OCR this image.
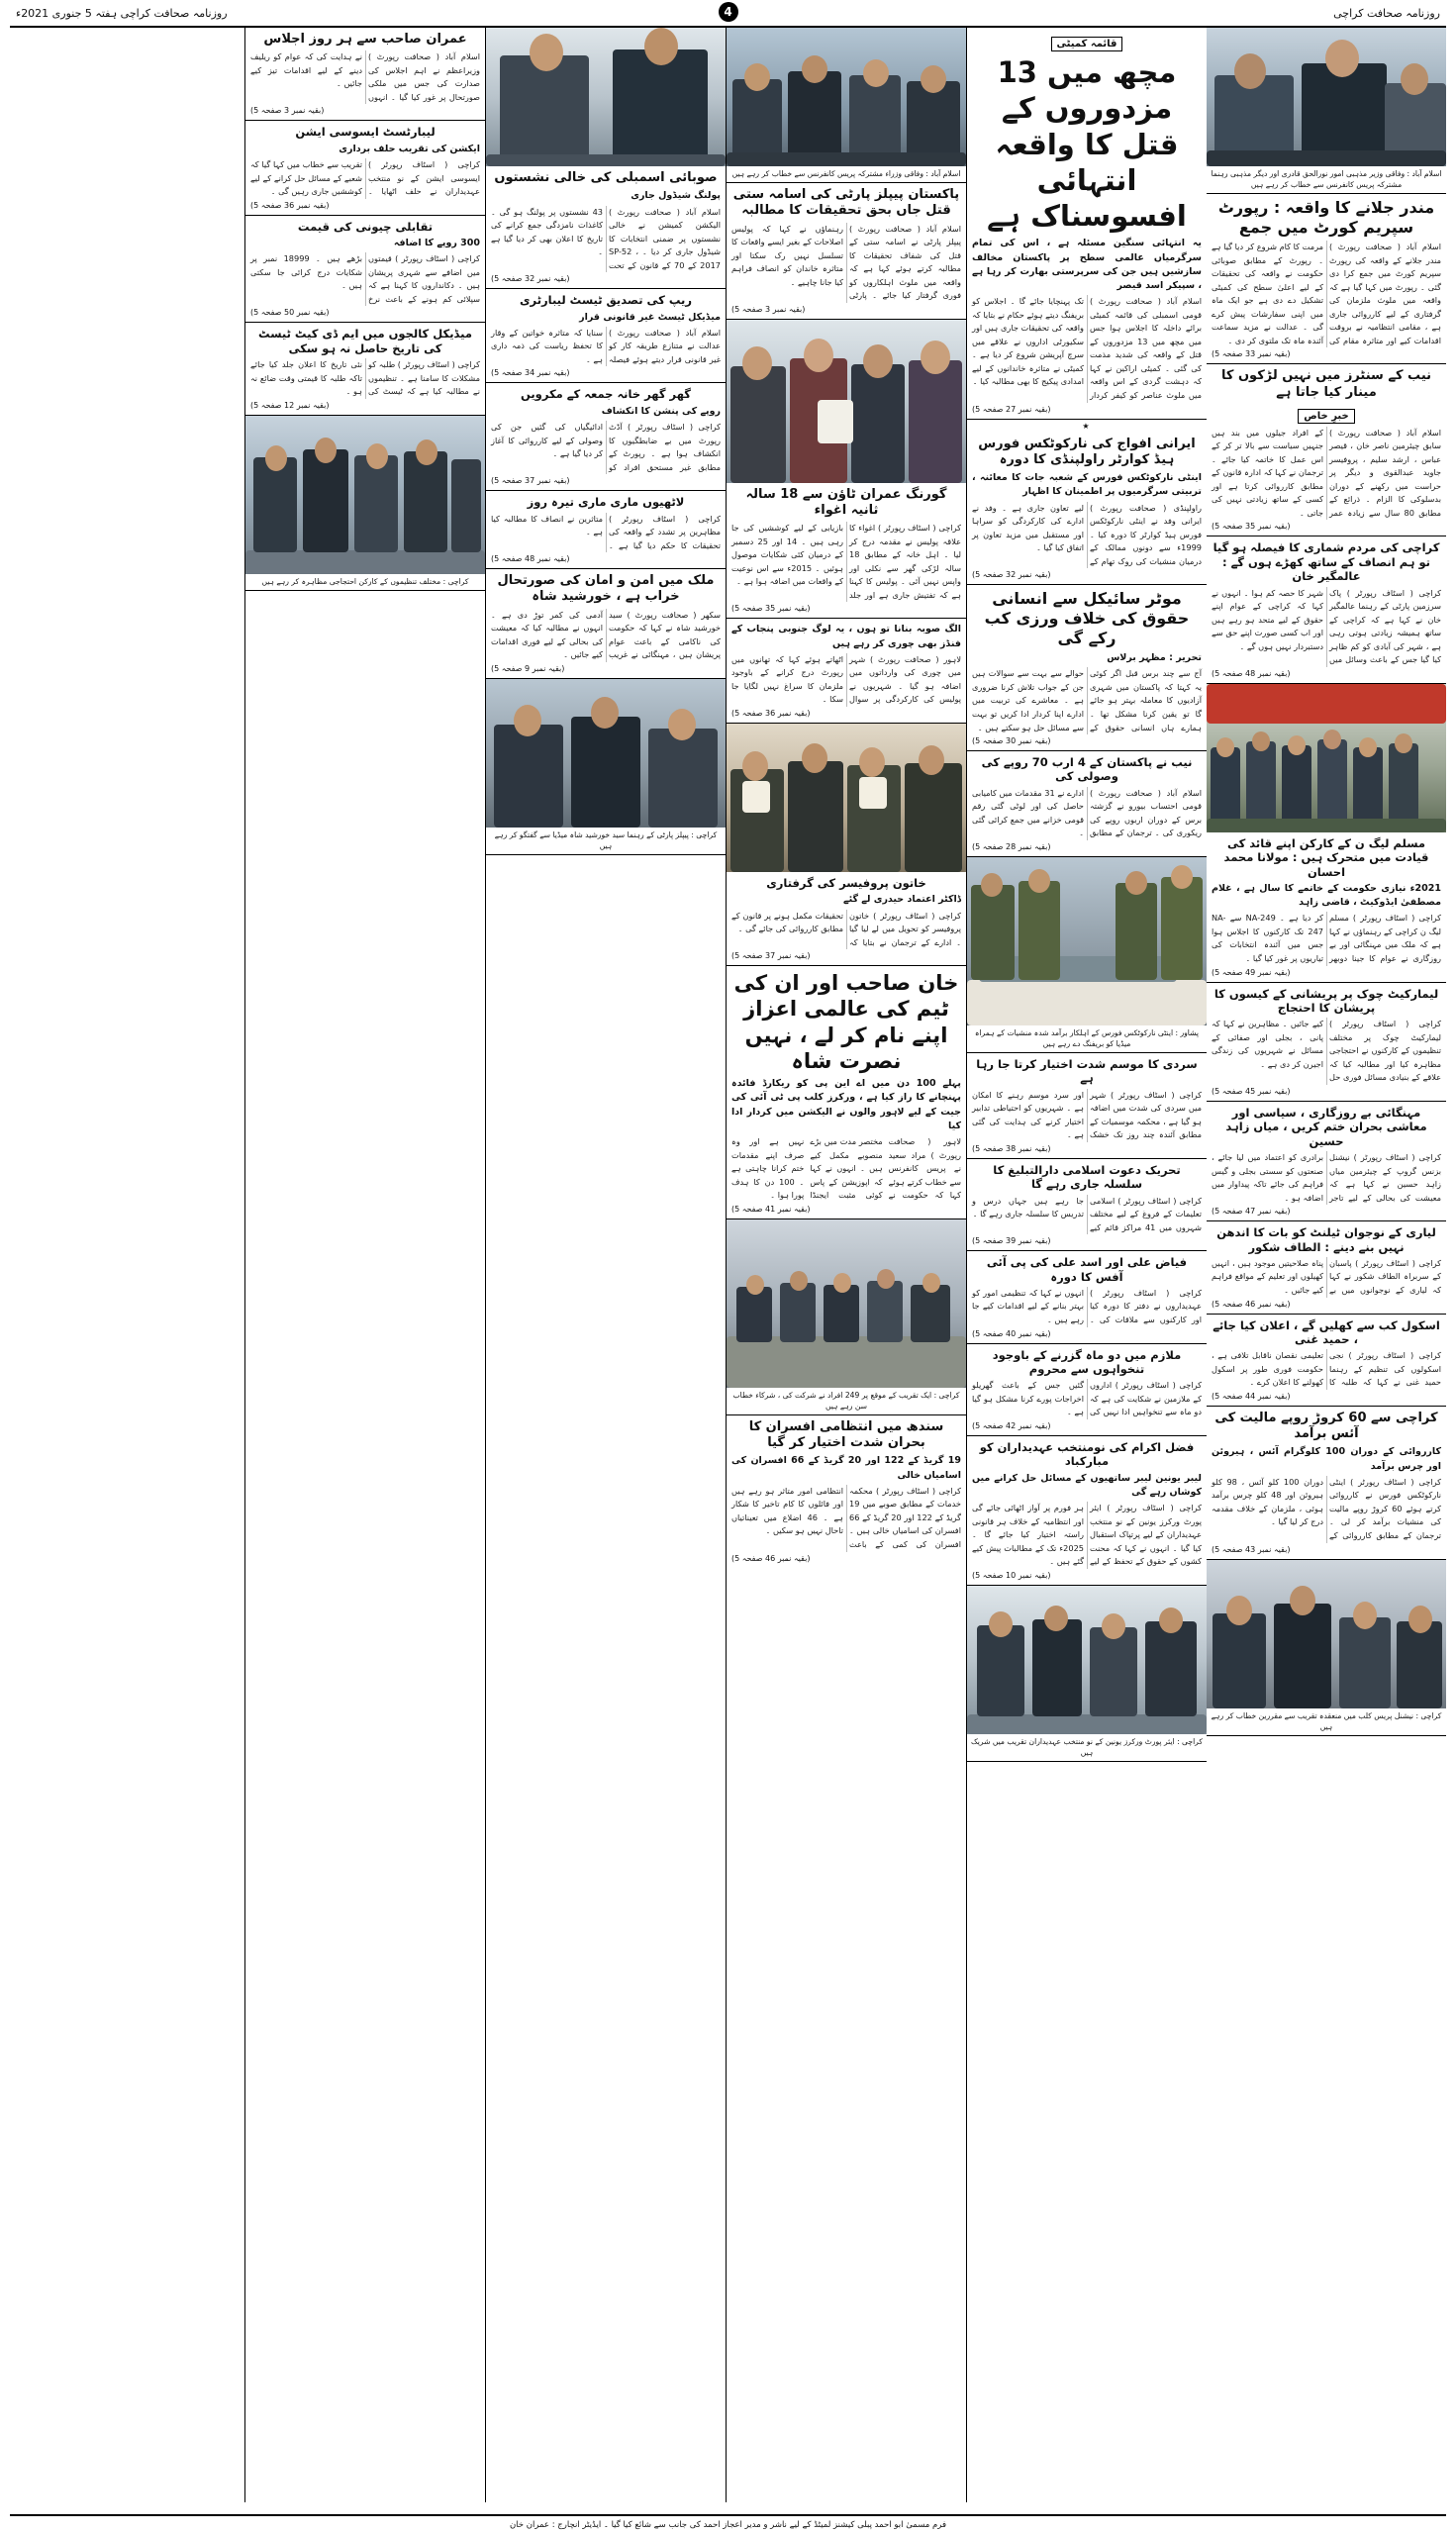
روزنامہ صحافت کراچی
4
روزنامہ صحافت کراچی ہفتہ 5 جنوری 2021ء
اسلام آباد : وفاقی وزیر مذہبی امور نورالحق قادری اور دیگر مذہبی رہنما مشترکہ پریس کانفرنس سے خطاب کر رہے ہیں
مندر جلانے کا واقعہ : رپورٹ سپریم کورٹ میں جمع
اسلام آباد ( صحافت رپورٹ ) مندر جلانے کے واقعہ کی رپورٹ سپریم کورٹ میں جمع کرا دی گئی ۔ رپورٹ میں کہا گیا ہے کہ واقعہ میں ملوث ملزمان کی گرفتاری کے لیے کارروائی جاری ہے ، مقامی انتظامیہ نے بروقت اقدامات کیے اور متاثرہ مقام کی مرمت کا کام شروع کر دیا گیا ہے ۔ رپورٹ کے مطابق صوبائی حکومت نے واقعہ کی تحقیقات کے لیے اعلیٰ سطح کی کمیٹی تشکیل دے دی ہے جو ایک ماہ میں اپنی سفارشات پیش کرے گی ۔ عدالت نے مزید سماعت آئندہ ماہ تک ملتوی کر دی ۔
(بقیہ نمبر 33 صفحہ 5)
نیب کے سنٹرز میں نہیں لڑکوں کا مینار کیا جاتا ہے
خبرِ خاص
اسلام آباد ( صحافت رپورٹ ) سابق چیئرمین ناصر خان ، قیصر عباس ، ارشد سلیم ، پروفیسر جاوید عبدالقوی و دیگر پر حراست میں رکھنے کے دوران بدسلوکی کا الزام ۔ ذرائع کے مطابق 80 سال سے زیادہ عمر کے افراد جیلوں میں بند ہیں جنہیں سیاست سے بالا تر کر کے اس عمل کا خاتمہ کیا جائے ۔ ترجمان نے کہا کہ ادارہ قانون کے مطابق کارروائی کرتا ہے اور کسی کے ساتھ زیادتی نہیں کی جاتی ۔
(بقیہ نمبر 35 صفحہ 5)
کراچی کی مردم شماری کا فیصلہ ہو گیا تو ہم انصاف کے ساتھ کھڑے ہوں گے : عالمگیر خان
کراچی ( اسٹاف رپورٹر ) پاک سرزمین پارٹی کے رہنما عالمگیر خان نے کہا ہے کہ کراچی کے ساتھ ہمیشہ زیادتی ہوتی رہی ہے ، شہر کی آبادی کو کم ظاہر کیا گیا جس کے باعث وسائل میں شہر کا حصہ کم ہوا ۔ انہوں نے کہا کہ کراچی کے عوام اپنے حقوق کے لیے متحد ہو رہے ہیں اور اب کسی صورت اپنے حق سے دستبردار نہیں ہوں گے ۔
(بقیہ نمبر 48 صفحہ 5)
مسلم لیگ ن کے کارکن اپنے قائد کی قیادت میں متحرک ہیں : مولانا محمد احسان
2021ء نیازی حکومت کے خاتمے کا سال ہے ، غلام مصطفیٰ ایڈوکیٹ ، قاضی زاہد
کراچی ( اسٹاف رپورٹر ) مسلم لیگ ن کراچی کے رہنماؤں نے کہا ہے کہ ملک میں مہنگائی اور بے روزگاری نے عوام کا جینا دوبھر کر دیا ہے ۔ NA-249 سے NA-247 تک کارکنوں کا اجلاس ہوا جس میں آئندہ انتخابات کی تیاریوں پر غور کیا گیا ۔
(بقیہ نمبر 49 صفحہ 5)
لیمارکیٹ چوک پر پریشانی کے کیسوں کا پریشان کا احتجاج
کراچی ( اسٹاف رپورٹر ) لیمارکیٹ چوک پر مختلف تنظیموں کے کارکنوں نے احتجاجی مظاہرہ کیا اور مطالبہ کیا کہ علاقے کے بنیادی مسائل فوری حل کیے جائیں ۔ مظاہرین نے کہا کہ پانی ، بجلی اور صفائی کے مسائل نے شہریوں کی زندگی اجیرن کر دی ہے ۔
(بقیہ نمبر 45 صفحہ 5)
مہنگائی بے روزگاری ، سیاسی اور معاشی بحران ختم کریں ، میاں زاہد حسین
کراچی ( اسٹاف رپورٹر ) نیشنل بزنس گروپ کے چیئرمین میاں زاہد حسین نے کہا ہے کہ معیشت کی بحالی کے لیے تاجر برادری کو اعتماد میں لیا جائے ، صنعتوں کو سستی بجلی و گیس فراہم کی جائے تاکہ پیداوار میں اضافہ ہو ۔
(بقیہ نمبر 47 صفحہ 5)
لیاری کے نوجوان ٹیلنٹ کو بات کا اندھن نہیں بنے دینے : الطاف شکور
کراچی ( اسٹاف رپورٹر ) پاسبان کے سربراہ الطاف شکور نے کہا کہ لیاری کے نوجوانوں میں بے پناہ صلاحیتیں موجود ہیں ، انہیں کھیلوں اور تعلیم کے مواقع فراہم کیے جائیں ۔
(بقیہ نمبر 46 صفحہ 5)
اسکول کب سے کھلیں گے ، اعلان کیا جائے ، حمید غنی
کراچی ( اسٹاف رپورٹر ) نجی اسکولوں کی تنظیم کے رہنما حمید غنی نے کہا کہ طلبہ کا تعلیمی نقصان ناقابل تلافی ہے ، حکومت فوری طور پر اسکول کھولنے کا اعلان کرے ۔
(بقیہ نمبر 44 صفحہ 5)
کراچی سے 60 کروڑ روپے مالیت کی آئس برآمد
کارروائی کے دوران 100 کلوگرام آئس ، ہیروئن اور چرس برآمد
کراچی ( اسٹاف رپورٹر ) اینٹی نارکوٹکس فورس نے کارروائی کرتے ہوئے 60 کروڑ روپے مالیت کی منشیات برآمد کر لی ۔ ترجمان کے مطابق کارروائی کے دوران 100 کلو آئس ، 98 کلو ہیروئن اور 48 کلو چرس برآمد ہوئی ، ملزمان کے خلاف مقدمہ درج کر لیا گیا ۔
(بقیہ نمبر 43 صفحہ 5)
کراچی : نیشنل پریس کلب میں منعقدہ تقریب سے مقررین خطاب کر رہے ہیں
قائمہ کمیٹی
مچھ میں 13 مزدوروں کے قتل کا واقعہ انتہائی افسوسناک ہے
یہ انتہائی سنگین مسئلہ ہے ، اس کی تمام سرگرمیاں عالمی سطح پر پاکستان مخالف سازشیں ہیں جن کی سرپرستی بھارت کر رہا ہے ، سپیکر اسد قیصر
اسلام آباد ( صحافت رپورٹ ) قومی اسمبلی کی قائمہ کمیٹی برائے داخلہ کا اجلاس ہوا جس میں مچھ میں 13 مزدوروں کے قتل کے واقعہ کی شدید مذمت کی گئی ۔ کمیٹی اراکین نے کہا کہ دہشت گردی کے اس واقعہ میں ملوث عناصر کو کیفر کردار تک پہنچایا جائے گا ۔ اجلاس کو بریفنگ دیتے ہوئے حکام نے بتایا کہ واقعہ کی تحقیقات جاری ہیں اور سکیورٹی اداروں نے علاقے میں سرچ آپریشن شروع کر دیا ہے ۔ کمیٹی نے متاثرہ خاندانوں کے لیے امدادی پیکیج کا بھی مطالبہ کیا ۔
(بقیہ نمبر 27 صفحہ 5)
★
ایرانی افواج کی نارکوٹکس فورس ہیڈ کوارٹر راولپنڈی کا دورہ
اینٹی نارکوٹکس فورس کے شعبہ جات کا معائنہ ، تربیتی سرگرمیوں پر اطمینان کا اظہار
راولپنڈی ( صحافت رپورٹ ) ایرانی وفد نے اینٹی نارکوٹکس فورس ہیڈ کوارٹر کا دورہ کیا ۔ 1999ء سے دونوں ممالک کے درمیان منشیات کی روک تھام کے لیے تعاون جاری ہے ۔ وفد نے ادارے کی کارکردگی کو سراہا اور مستقبل میں مزید تعاون پر اتفاق کیا گیا ۔
(بقیہ نمبر 32 صفحہ 5)
موٹر سائیکل سے انسانی حقوق کی خلاف ورزی کب رکے گی
تحریر : مظہر برلاس
آج سے چند برس قبل اگر کوئی یہ کہتا کہ پاکستان میں شہری آزادیوں کا معاملہ بہتر ہو جائے گا تو یقین کرنا مشکل تھا ۔ ہمارے ہاں انسانی حقوق کے حوالے سے بہت سے سوالات ہیں جن کے جواب تلاش کرنا ضروری ہے ۔ معاشرے کی تربیت میں ادارے اپنا کردار ادا کریں تو بہت سے مسائل حل ہو سکتے ہیں ۔
(بقیہ نمبر 30 صفحہ 5)
نیب نے پاکستان کے 4 ارب 70 روپے کی وصولی کی
اسلام آباد ( صحافت رپورٹ ) قومی احتساب بیورو نے گزشتہ برس کے دوران اربوں روپے کی ریکوری کی ۔ ترجمان کے مطابق ادارے نے 31 مقدمات میں کامیابی حاصل کی اور لوٹی گئی رقم قومی خزانے میں جمع کرائی گئی ۔
(بقیہ نمبر 28 صفحہ 5)
پشاور : اینٹی نارکوٹکس فورس کے اہلکار برآمد شدہ منشیات کے ہمراہ میڈیا کو بریفنگ دے رہے ہیں
سردی کا موسم شدت اختیار کرتا جا رہا ہے
کراچی ( اسٹاف رپورٹر ) شہر میں سردی کی شدت میں اضافہ ہو گیا ہے ، محکمہ موسمیات کے مطابق آئندہ چند روز تک خشک اور سرد موسم رہنے کا امکان ہے ۔ شہریوں کو احتیاطی تدابیر اختیار کرنے کی ہدایت کی گئی ہے ۔
(بقیہ نمبر 38 صفحہ 5)
تحریک دعوت اسلامی دارالتبلیغ کا سلسلہ جاری رہے گا
کراچی ( اسٹاف رپورٹر ) اسلامی تعلیمات کے فروغ کے لیے مختلف شہروں میں 41 مراکز قائم کیے جا رہے ہیں جہاں درس و تدریس کا سلسلہ جاری رہے گا ۔
(بقیہ نمبر 39 صفحہ 5)
فیاض علی اور اسد علی کی پی آئی آفس کا دورہ
کراچی ( اسٹاف رپورٹر ) عہدیداروں نے دفتر کا دورہ کیا اور کارکنوں سے ملاقات کی ۔ انہوں نے کہا کہ تنظیمی امور کو بہتر بنانے کے لیے اقدامات کیے جا رہے ہیں ۔
(بقیہ نمبر 40 صفحہ 5)
ملازم میں دو ماہ گزرنے کے باوجود تنخواہوں سے محروم
کراچی ( اسٹاف رپورٹر ) اداروں کے ملازمین نے شکایت کی ہے کہ دو ماہ سے تنخواہیں ادا نہیں کی گئیں جس کے باعث گھریلو اخراجات پورے کرنا مشکل ہو گیا ہے ۔
(بقیہ نمبر 42 صفحہ 5)
فضل اکرام کی نومنتخب عہدیداران کو مبارکباد
لیبر یونین لیبر ساتھیوں کے مسائل حل کرانے میں کوشاں رہے گی
کراچی ( اسٹاف رپورٹر ) ایئر پورٹ ورکرز یونین کے نو منتخب عہدیداران کے لیے پرتپاک استقبال کیا گیا ۔ انہوں نے کہا کہ محنت کشوں کے حقوق کے تحفظ کے لیے ہر فورم پر آواز اٹھائی جائے گی اور انتظامیہ کے خلاف ہر قانونی راستہ اختیار کیا جائے گا ۔ 2025ء تک کے مطالبات پیش کیے گئے ہیں ۔
(بقیہ نمبر 10 صفحہ 5)
کراچی : ایئر پورٹ ورکرز یونین کے نو منتخب عہدیداران تقریب میں شریک ہیں
اسلام آباد : وفاقی وزراء مشترکہ پریس کانفرنس سے خطاب کر رہے ہیں
پاکستان پیپلز پارٹی کی اسامہ ستی قتل جاں بحق تحقیقات کا مطالبہ
اسلام آباد ( صحافت رپورٹ ) پیپلز پارٹی نے اسامہ ستی کے قتل کی شفاف تحقیقات کا مطالبہ کرتے ہوئے کہا ہے کہ واقعہ میں ملوث اہلکاروں کو فوری گرفتار کیا جائے ۔ پارٹی رہنماؤں نے کہا کہ پولیس اصلاحات کے بغیر ایسے واقعات کا تسلسل نہیں رک سکتا اور متاثرہ خاندان کو انصاف فراہم کیا جانا چاہیے ۔
(بقیہ نمبر 3 صفحہ 5)
گورنگ عمران ٹاؤن سے 18 سالہ ثانیہ اغواء
کراچی ( اسٹاف رپورٹر ) اغواء کا علاقہ پولیس نے مقدمہ درج کر لیا ۔ اہل خانہ کے مطابق 18 سالہ لڑکی گھر سے نکلی اور واپس نہیں آئی ۔ پولیس کا کہنا ہے کہ تفتیش جاری ہے اور جلد بازیابی کے لیے کوششیں کی جا رہی ہیں ۔ 14 اور 25 دسمبر کے درمیان کئی شکایات موصول ہوئیں ۔ 2015ء سے اس نوعیت کے واقعات میں اضافہ ہوا ہے ۔
(بقیہ نمبر 35 صفحہ 5)
الگ صوبہ بنانا تو ہوں ، یہ لوگ جنوبی پنجاب کے فنڈز بھی چوری کر رہے ہیں
لاہور ( صحافت رپورٹ ) شہر میں چوری کی وارداتوں میں اضافہ ہو گیا ۔ شہریوں نے پولیس کی کارکردگی پر سوال اٹھاتے ہوئے کہا کہ تھانوں میں رپورٹ درج کرانے کے باوجود ملزمان کا سراغ نہیں لگایا جا سکا ۔
(بقیہ نمبر 36 صفحہ 5)
خاتون پروفیسر کی گرفتاری
ڈاکٹر اعتماد حیدری لے گئے
کراچی ( اسٹاف رپورٹر ) خاتون پروفیسر کو تحویل میں لے لیا گیا ۔ ادارے کے ترجمان نے بتایا کہ تحقیقات مکمل ہونے پر قانون کے مطابق کارروائی کی جائے گی ۔
(بقیہ نمبر 37 صفحہ 5)
خان صاحب اور ان کی ٹیم کی عالمی اعزاز اپنے نام کر لے ، نہیں نصرت شاہ
پہلے 100 دن میں اے این پی کو ریکارڈ فائدہ پہنچانے کا راز کیا ہے ، ورکرز کلب پی ٹی آئی کی جیت کے لیے لاہور والوں نے الیکشن میں کردار ادا کیا
لاہور ( صحافت رپورٹ ) مراد سعید نے پریس کانفرنس سے خطاب کرتے ہوئے کہا کہ حکومت نے مختصر مدت میں بڑے منصوبے مکمل کیے ہیں ۔ انہوں نے کہا کہ اپوزیشن کے پاس کوئی مثبت ایجنڈا نہیں ہے اور وہ صرف اپنے مقدمات ختم کرانا چاہتی ہے ۔ 100 دن کا ہدف پورا ہوا ۔
(بقیہ نمبر 41 صفحہ 5)
کراچی : ایک تقریب کے موقع پر 249 افراد نے شرکت کی ، شرکاء خطاب سن رہے ہیں
سندھ میں انتظامی افسران کا بحران شدت اختیار کر گیا
19 گریڈ کے 122 اور 20 گریڈ کے 66 افسران کی اسامیاں خالی
کراچی ( اسٹاف رپورٹر ) محکمہ خدمات کے مطابق صوبے میں 19 گریڈ کے 122 اور 20 گریڈ کے 66 افسران کی اسامیاں خالی ہیں ۔ افسران کی کمی کے باعث انتظامی امور متاثر ہو رہے ہیں اور فائلوں کا کام تاخیر کا شکار ہے ۔ 46 اضلاع میں تعیناتیاں تاحال نہیں ہو سکیں ۔
(بقیہ نمبر 46 صفحہ 5)
صوبائی اسمبلی کی خالی نشستوں
پولنگ شیڈول جاری
اسلام آباد ( صحافت رپورٹ ) الیکشن کمیشن نے خالی نشستوں پر ضمنی انتخابات کا شیڈول جاری کر دیا ۔ SP-52 ، 2017 کے 70 کے قانون کے تحت 43 نشستوں پر پولنگ ہو گی ۔ کاغذات نامزدگی جمع کرانے کی تاریخ کا اعلان بھی کر دیا گیا ہے ۔
(بقیہ نمبر 32 صفحہ 5)
ریپ کی تصدیق ٹیسٹ لیبارٹری
میڈیکل ٹیسٹ غیر قانونی قرار
اسلام آباد ( صحافت رپورٹ ) عدالت نے متنازع طریقہ کار کو غیر قانونی قرار دیتے ہوئے فیصلہ سنایا کہ متاثرہ خواتین کے وقار کا تحفظ ریاست کی ذمہ داری ہے ۔
(بقیہ نمبر 34 صفحہ 5)
گھر گھر خانہ جمعہ کے مکرویں
روپے کی پنشن کا انکشاف
کراچی ( اسٹاف رپورٹر ) آڈٹ رپورٹ میں بے ضابطگیوں کا انکشاف ہوا ہے ۔ رپورٹ کے مطابق غیر مستحق افراد کو ادائیگیاں کی گئیں جن کی وصولی کے لیے کارروائی کا آغاز کر دیا گیا ہے ۔
(بقیہ نمبر 37 صفحہ 5)
لاٹھیوں ماری ماری تیرہ روز
کراچی ( اسٹاف رپورٹر ) مظاہرین پر تشدد کے واقعہ کی تحقیقات کا حکم دیا گیا ہے ۔ متاثرین نے انصاف کا مطالبہ کیا ہے ۔
(بقیہ نمبر 48 صفحہ 5)
ملک میں امن و امان کی صورتحال خراب ہے ، خورشید شاہ
سکھر ( صحافت رپورٹ ) سید خورشید شاہ نے کہا کہ حکومت کی ناکامی کے باعث عوام پریشان ہیں ، مہنگائی نے غریب آدمی کی کمر توڑ دی ہے ۔ انہوں نے مطالبہ کیا کہ معیشت کی بحالی کے لیے فوری اقدامات کیے جائیں ۔
(بقیہ نمبر 9 صفحہ 5)
کراچی : پیپلز پارٹی کے رہنما سید خورشید شاہ میڈیا سے گفتگو کر رہے ہیں
عمران صاحب سے ہر روز اجلاس
اسلام آباد ( صحافت رپورٹ ) وزیراعظم نے اہم اجلاس کی صدارت کی جس میں ملکی صورتحال پر غور کیا گیا ۔ انہوں نے ہدایت کی کہ عوام کو ریلیف دینے کے لیے اقدامات تیز کیے جائیں ۔
(بقیہ نمبر 3 صفحہ 5)
لیبارٹسٹ ایسوسی ایشن
ایکشن کی تقریب حلف برداری
کراچی ( اسٹاف رپورٹر ) ایسوسی ایشن کے نو منتخب عہدیداران نے حلف اٹھایا ۔ تقریب سے خطاب میں کہا گیا کہ شعبے کے مسائل حل کرانے کے لیے کوششیں جاری رہیں گی ۔
(بقیہ نمبر 36 صفحہ 5)
تقابلی چیونی کی قیمت
300 روپے کا اضافہ
کراچی ( اسٹاف رپورٹر ) قیمتوں میں اضافے سے شہری پریشان ہیں ۔ دکانداروں کا کہنا ہے کہ سپلائی کم ہونے کے باعث نرخ بڑھے ہیں ۔ 18999 نمبر پر شکایات درج کرائی جا سکتی ہیں ۔
(بقیہ نمبر 50 صفحہ 5)
میڈیکل کالجوں میں ایم ڈی کیٹ ٹیسٹ کی تاریخ حاصل نہ ہو سکی
کراچی ( اسٹاف رپورٹر ) طلبہ کو مشکلات کا سامنا ہے ۔ تنظیموں نے مطالبہ کیا ہے کہ ٹیسٹ کی نئی تاریخ کا اعلان جلد کیا جائے تاکہ طلبہ کا قیمتی وقت ضائع نہ ہو ۔
(بقیہ نمبر 12 صفحہ 5)
کراچی : مختلف تنظیموں کے کارکن احتجاجی مظاہرہ کر رہے ہیں
فرم مسمیٰ ابو احمد پبلی کیشنز لمیٹڈ کے لیے ناشر و مدیر اعجاز احمد کی جانب سے شائع کیا گیا ۔ ایڈیٹر انچارج : عمران خان
